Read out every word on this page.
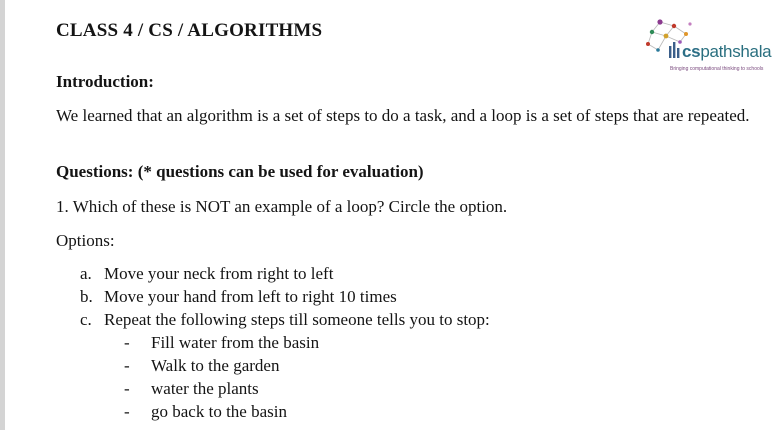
CLASS 4 / CS / ALGORITHMS
cspathshala
Bringing computational thinking to schools
Introduction:
We learned that an algorithm is a set of steps to do a task, and a loop is a set of steps that are repeated.
Questions: (* questions can be used for evaluation)
1. Which of these is NOT an example of a loop? Circle the option.
Options:
a. Move your neck from right to left
b. Move your hand from left to right 10 times
c. Repeat the following steps till someone tells you to stop:
-	Fill water from the basin
-	Walk to the garden
-	water the plants
-	go back to the basin
